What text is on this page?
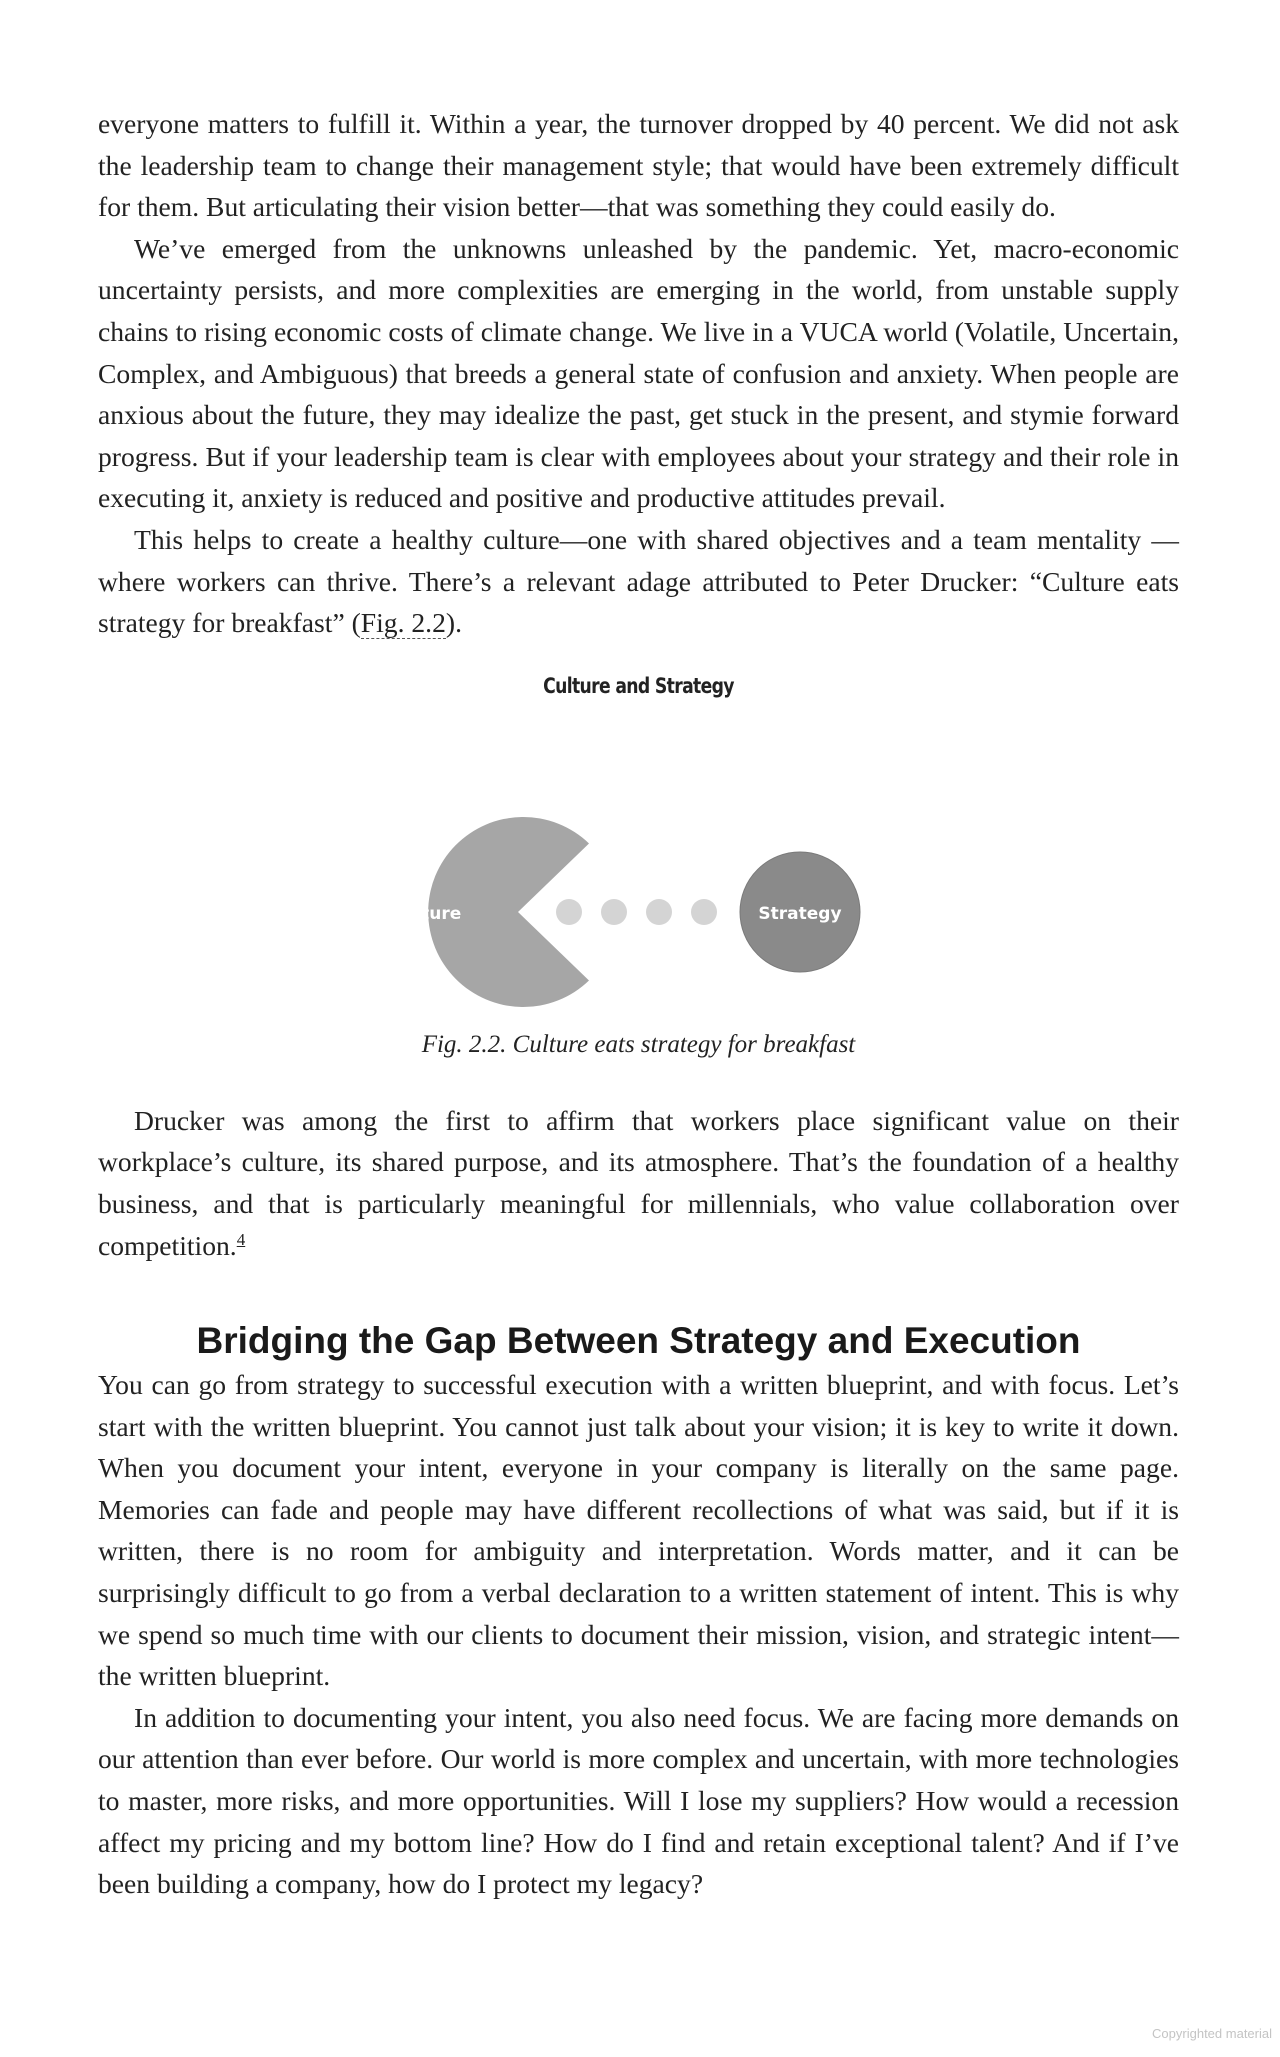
everyone matters to fulfill it. Within a year, the turnover dropped by 40 percent. We did not ask the leadership team to change their management style; that would have been extremely difficult for them. But articulating their vision better—that was something they could easily do.

We’ve emerged from the unknowns unleashed by the pandemic. Yet, macro-economic uncertainty persists, and more complexities are emerging in the world, from unstable supply chains to rising economic costs of climate change. We live in a VUCA world (Volatile, Uncertain, Complex, and Ambiguous) that breeds a general state of confusion and anxiety. When people are anxious about the future, they may idealize the past, get stuck in the present, and stymie forward progress. But if your leadership team is clear with employees about your strategy and their role in executing it, anxiety is reduced and positive and productive attitudes prevail.

This helps to create a healthy culture—one with shared objectives and a team mentality —where workers can thrive. There’s a relevant adage attributed to Peter Drucker: “Culture eats strategy for breakfast” (Fig. 2.2).

Culture and Strategy
Culture	Strategy

Fig. 2.2. Culture eats strategy for breakfast

Drucker was among the first to affirm that workers place significant value on their workplace’s culture, its shared purpose, and its atmosphere. That’s the foundation of a healthy business, and that is particularly meaningful for millennials, who value collaboration over competition.$^4$

Bridging the Gap Between Strategy and Execution

You can go from strategy to successful execution with a written blueprint, and with focus. Let’s start with the written blueprint. You cannot just talk about your vision; it is key to write it down. When you document your intent, everyone in your company is literally on the same page. Memories can fade and people may have different recollections of what was said, but if it is written, there is no room for ambiguity and interpretation. Words matter, and it can be surprisingly difficult to go from a verbal declaration to a written statement of intent. This is why we spend so much time with our clients to document their mission, vision, and strategic intent—the written blueprint.

In addition to documenting your intent, you also need focus. We are facing more demands on our attention than ever before. Our world is more complex and uncertain, with more technologies to master, more risks, and more opportunities. Will I lose my suppliers? How would a recession affect my pricing and my bottom line? How do I find and retain exceptional talent? And if I’ve been building a company, how do I protect my legacy?

Copyrighted material
